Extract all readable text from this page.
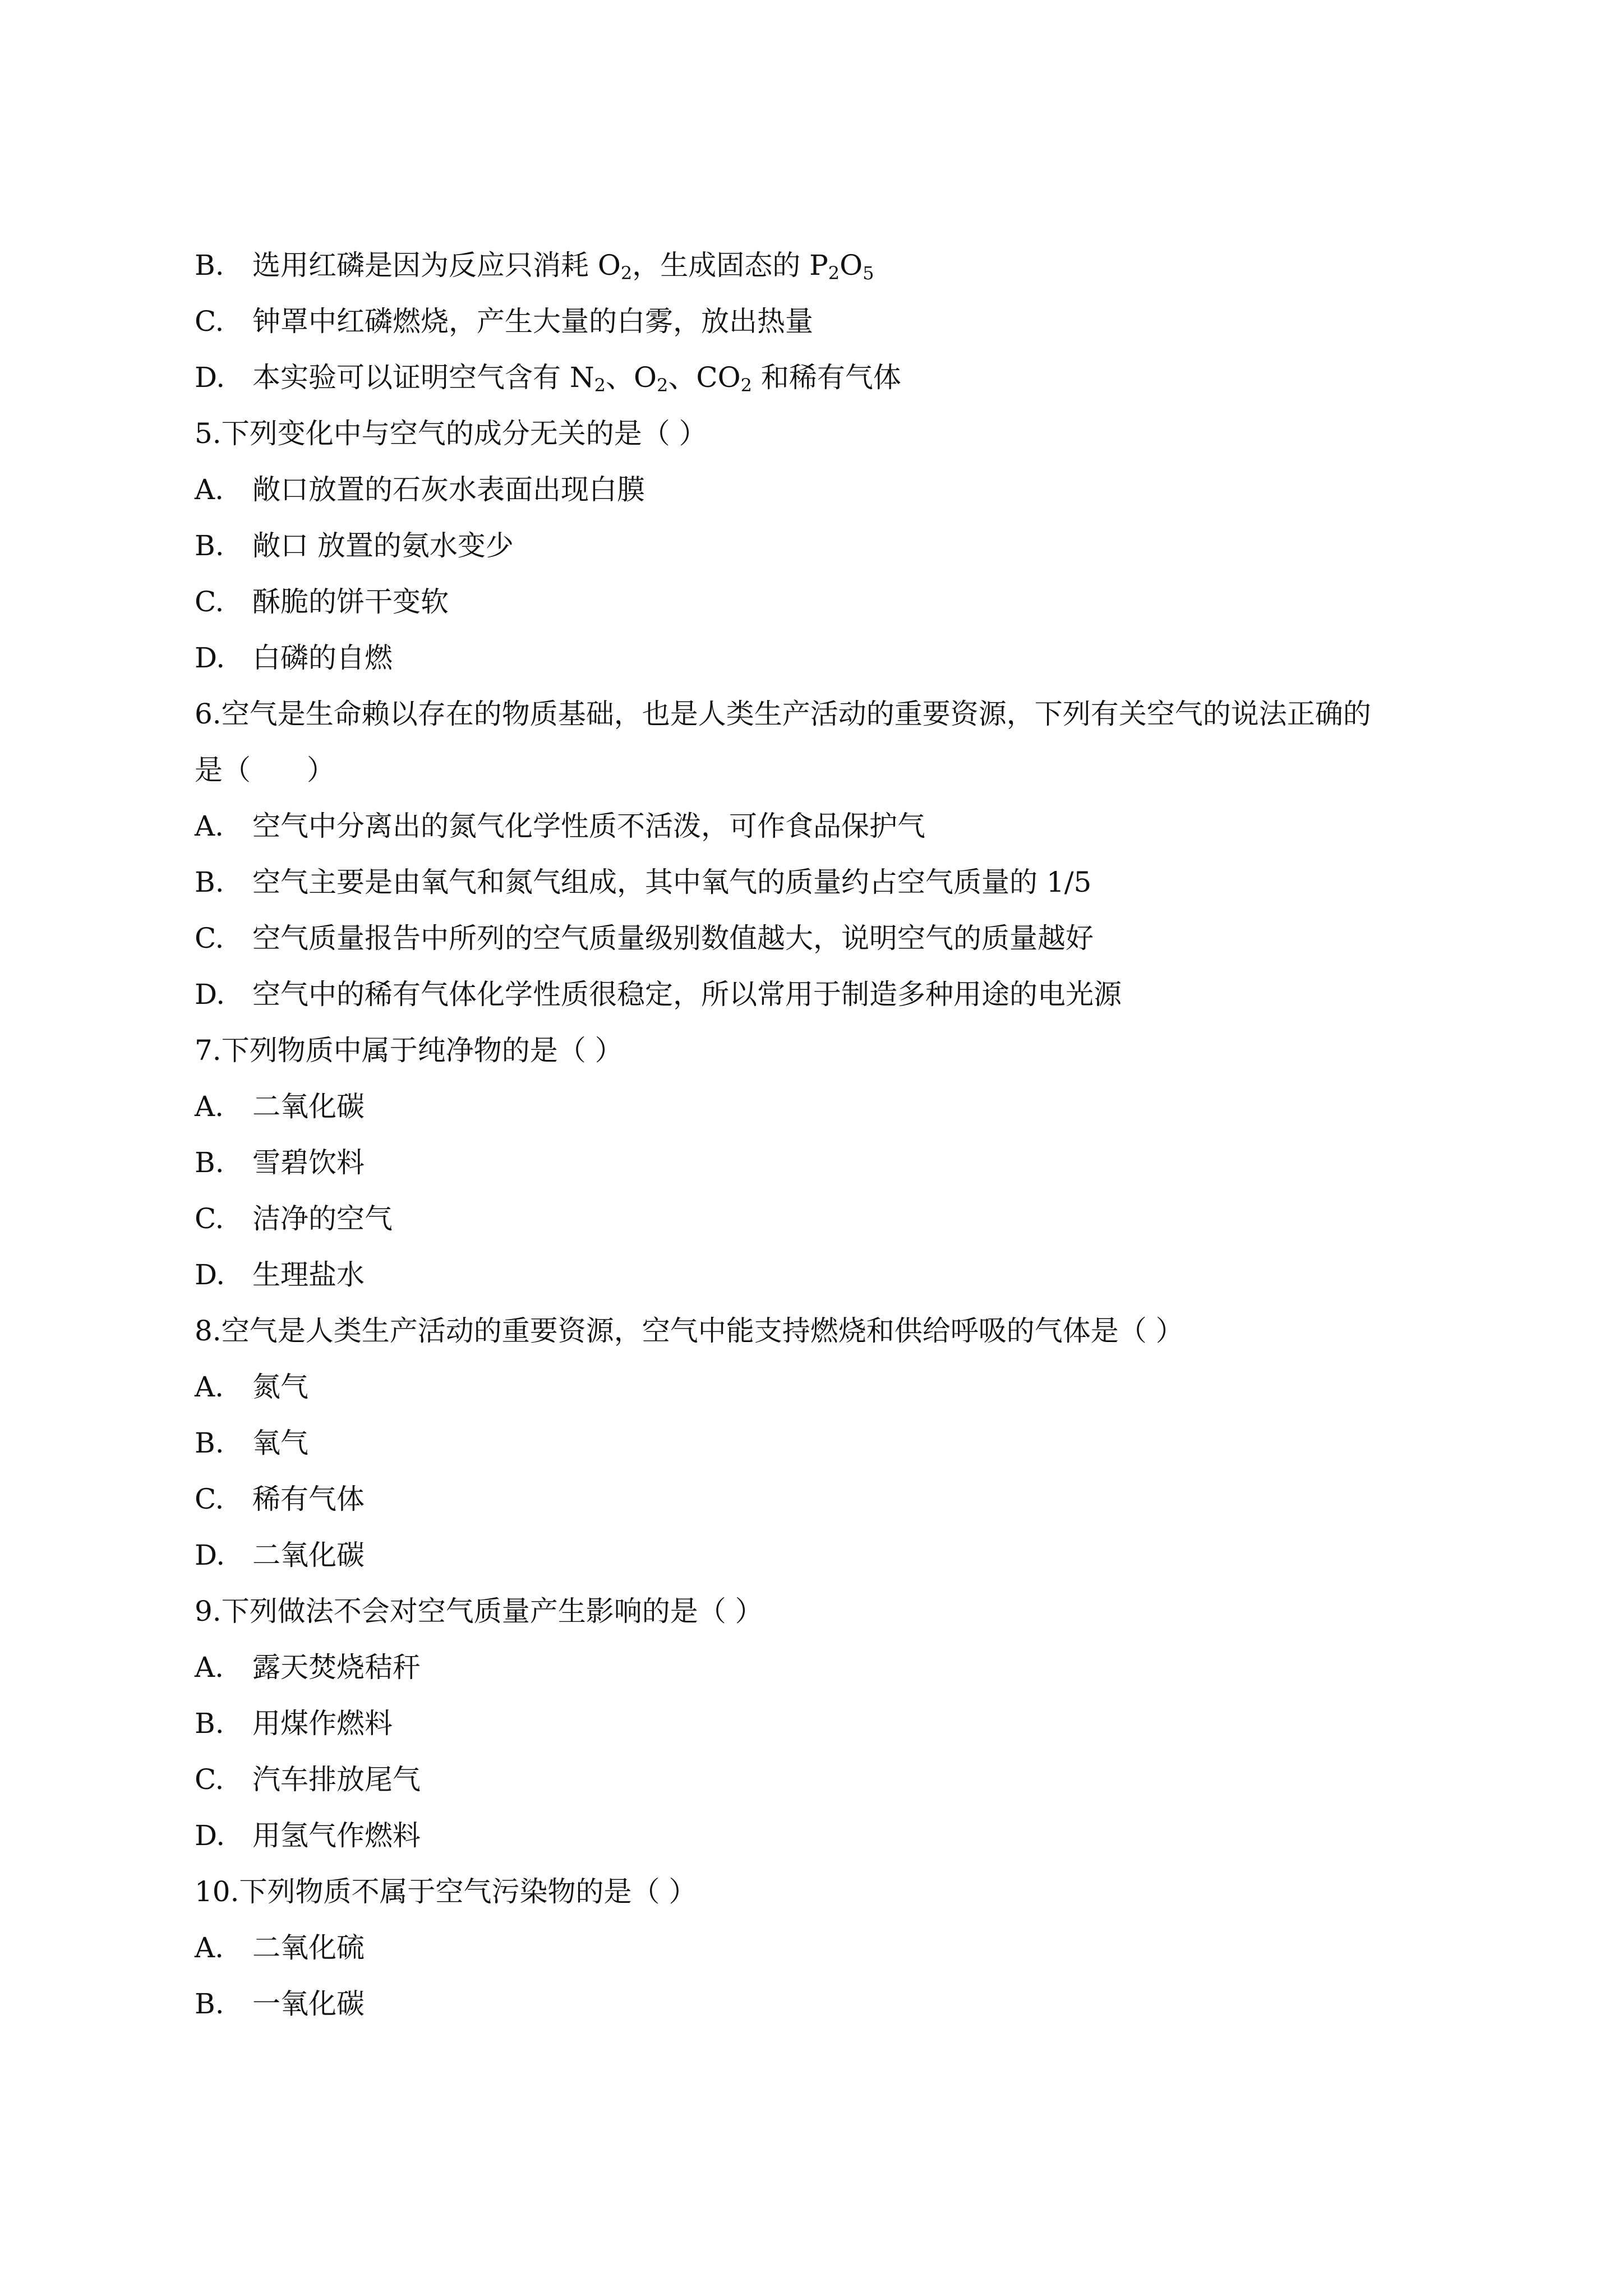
B. 选用红磷是因为反应只消耗 $O_2$，生成固态的 $P_2O_5$
C. 钟罩中红磷燃烧，产生大量的白雾，放出热量
D. 本实验可以证明空气含有 $N_2$、$O_2$、$CO_2$ 和稀有气体
5.下列变化中与空气的成分无关的是（ ）
A. 敞口放置的石灰水表面出现白膜
B. 敞口 放置的氨水变少
C. 酥脆的饼干变软
D. 白磷的自燃
6.空气是生命赖以存在的物质基础，也是人类生产活动的重要资源，下列有关空气的说法正确的
是（　　）
A. 空气中分离出的氮气化学性质不活泼，可作食品保护气
B. 空气主要是由氧气和氮气组成，其中氧气的质量约占空气质量的 1/5
C. 空气质量报告中所列的空气质量级别数值越大，说明空气的质量越好
D. 空气中的稀有气体化学性质很稳定，所以常用于制造多种用途的电光源
7.下列物质中属于纯净物的是（ ）
A. 二氧化碳
B. 雪碧饮料
C. 洁净的空气
D. 生理盐水
8.空气是人类生产活动的重要资源，空气中能支持燃烧和供给呼吸的气体是（ ）
A. 氮气
B. 氧气
C. 稀有气体
D. 二氧化碳
9.下列做法不会对空气质量产生影响的是（ ）
A. 露天焚烧秸秆
B. 用煤作燃料
C. 汽车排放尾气
D. 用氢气作燃料
10.下列物质不属于空气污染物的是（ ）
A. 二氧化硫
B. 一氧化碳
